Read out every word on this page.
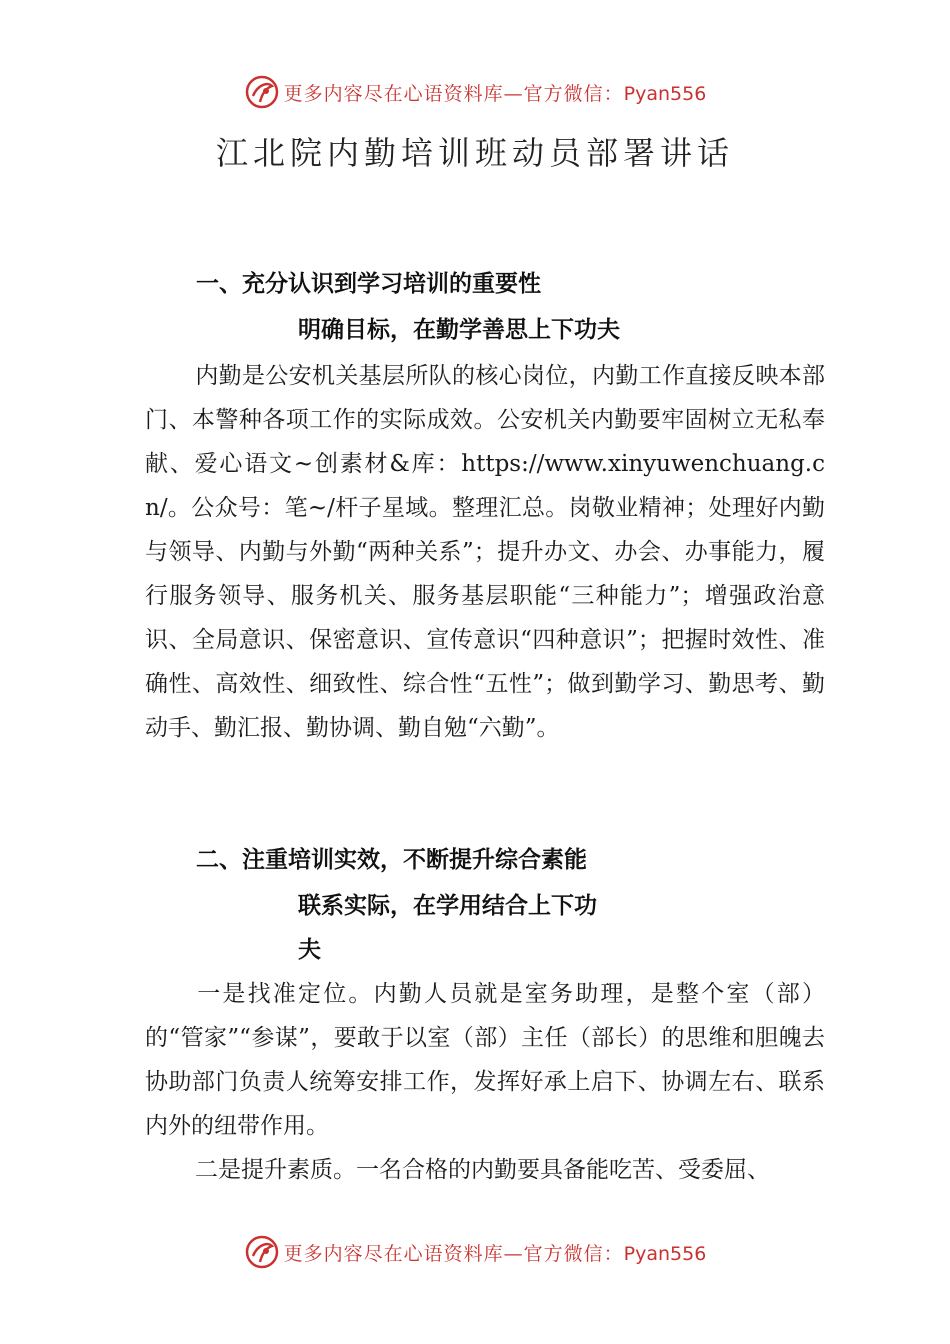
更多内容尽在心语资料库—官方微信：Pyan556
江北院内勤培训班动员部署讲话
一、充分认识到学习培训的重要性
明确目标，在勤学善思上下功夫
内勤是公安机关基层所队的核心岗位，内勤工作直接反映本部门、本警种各项工作的实际成效。公安机关内勤要牢固树立无私奉献、爱心语文~创素材&库：https://www.xinyuwenchuang.cn/。公众号：笔~/杆子星域。整理汇总。岗敬业精神；处理好内勤与领导、内勤与外勤“两种关系”；提升办文、办会、办事能力，履行服务领导、服务机关、服务基层职能“三种能力”；增强政治意识、全局意识、保密意识、宣传意识“四种意识”；把握时效性、准确性、高效性、细致性、综合性“五性”；做到勤学习、勤思考、勤动手、勤汇报、勤协调、勤自勉“六勤”。
二、注重培训实效，不断提升综合素能
联系实际，在学用结合上下功
夫
一是找准定位。内勤人员就是室务助理，是整个室（部）的“管家”“参谋”，要敢于以室（部）主任（部长）的思维和胆魄去协助部门负责人统筹安排工作，发挥好承上启下、协调左右、联系内外的纽带作用。
二是提升素质。一名合格的内勤要具备能吃苦、受委屈、
更多内容尽在心语资料库—官方微信：Pyan556
